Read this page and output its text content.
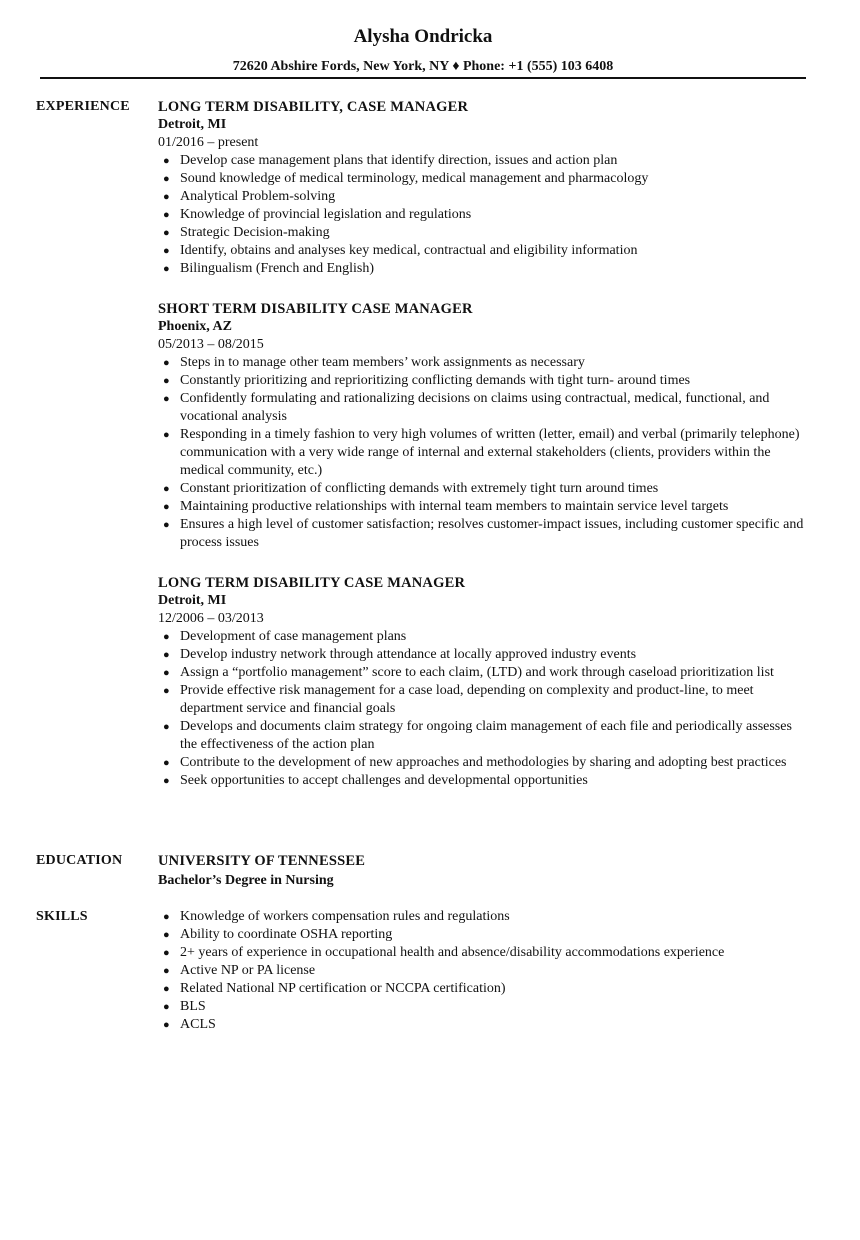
Alysha Ondricka
72620 Abshire Fords, New York, NY ♦ Phone: +1 (555) 103 6408
EXPERIENCE LONG TERM DISABILITY, CASE MANAGER
Detroit, MI
01/2016 – present
● Develop case management plans that identify direction, issues and action plan
● Sound knowledge of medical terminology, medical management and pharmacology
● Analytical Problem-solving
● Knowledge of provincial legislation and regulations
● Strategic Decision-making
● Identify, obtains and analyses key medical, contractual and eligibility information
● Bilingualism (French and English)
SHORT TERM DISABILITY CASE MANAGER
Phoenix, AZ
05/2013 – 08/2015
● Steps in to manage other team members’ work assignments as necessary
● Constantly prioritizing and reprioritizing conflicting demands with tight turn- around times
● Confidently formulating and rationalizing decisions on claims using contractual, medical, functional, and vocational analysis
● Responding in a timely fashion to very high volumes of written (letter, email) and verbal (primarily telephone) communication with a very wide range of internal and external stakeholders (clients, providers within the medical community, etc.)
● Constant prioritization of conflicting demands with extremely tight turn around times
● Maintaining productive relationships with internal team members to maintain service level targets
● Ensures a high level of customer satisfaction; resolves customer-impact issues, including customer specific and process issues
LONG TERM DISABILITY CASE MANAGER
Detroit, MI
12/2006 – 03/2013
● Development of case management plans
● Develop industry network through attendance at locally approved industry events
● Assign a “portfolio management” score to each claim, (LTD) and work through caseload prioritization list
● Provide effective risk management for a case load, depending on complexity and product-line, to meet department service and financial goals
● Develops and documents claim strategy for ongoing claim management of each file and periodically assesses the effectiveness of the action plan
● Contribute to the development of new approaches and methodologies by sharing and adopting best practices
● Seek opportunities to accept challenges and developmental opportunities
EDUCATION UNIVERSITY OF TENNESSEE
Bachelor’s Degree in Nursing
SKILLS	● Knowledge of workers compensation rules and regulations
● Ability to coordinate OSHA reporting
● 2+ years of experience in occupational health and absence/disability accommodations experience
● Active NP or PA license
● Related National NP certification or NCCPA certification)
● BLS
● ACLS
